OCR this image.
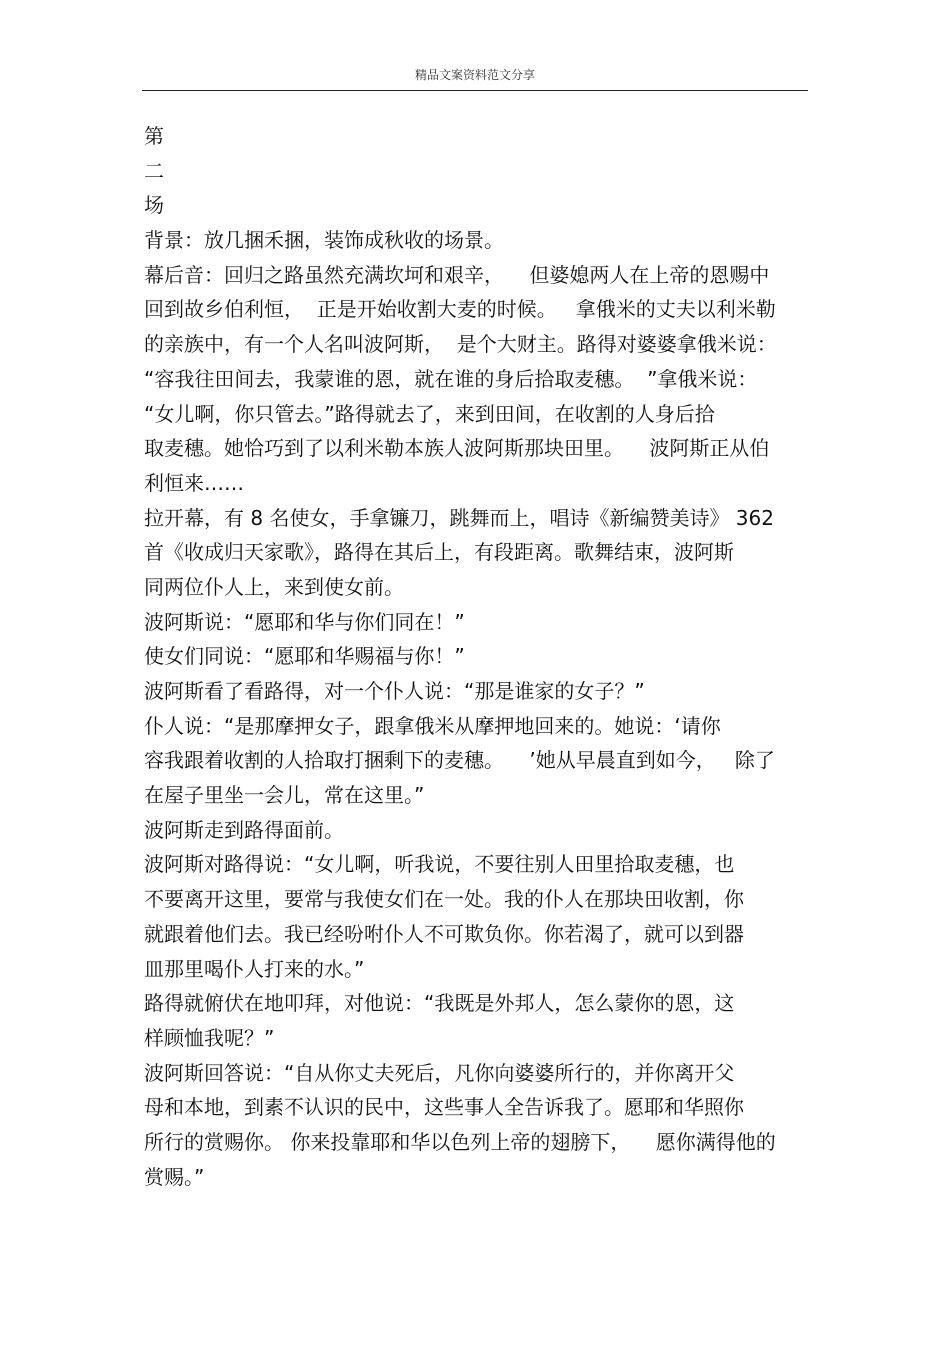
精品文案资料范文分享
第
二
场
背景：放几捆禾捆，装饰成秋收的场景。
幕后音：回归之路虽然充满坎坷和艰辛，    但婆媳两人在上帝的恩赐中
回到故乡伯利恒，  正是开始收割大麦的时候。   拿俄米的丈夫以利米勒
的亲族中，有一个人名叫波阿斯，  是个大财主。路得对婆婆拿俄米说：
“容我往田间去，我蒙谁的恩，就在谁的身后拾取麦穗。  ”拿俄米说：
“女儿啊，你只管去。”路得就去了，来到田间，在收割的人身后拾
取麦穗。她恰巧到了以利米勒本族人波阿斯那块田里。    波阿斯正从伯
利恒来……
拉开幕，有 8 名使女，手拿镰刀，跳舞而上，唱诗《新编赞美诗》 362
首《收成归天家歌》，路得在其后上，有段距离。歌舞结束，波阿斯
同两位仆人上，来到使女前。
波阿斯说：“愿耶和华与你们同在！”
使女们同说：“愿耶和华赐福与你！”
波阿斯看了看路得，对一个仆人说：“那是谁家的女子？”
仆人说：“是那摩押女子，跟拿俄米从摩押地回来的。她说：‘请你
容我跟着收割的人拾取打捆剩下的麦穗。    ’她从早晨直到如今，   除了
在屋子里坐一会儿，常在这里。”
波阿斯走到路得面前。
波阿斯对路得说：“女儿啊，听我说，不要往别人田里拾取麦穗，也
不要离开这里，要常与我使女们在一处。我的仆人在那块田收割，你
就跟着他们去。我已经吩咐仆人不可欺负你。你若渴了，就可以到器
皿那里喝仆人打来的水。”
路得就俯伏在地叩拜，对他说：“我既是外邦人，怎么蒙你的恩，这
样顾恤我呢？”
波阿斯回答说：“自从你丈夫死后，凡你向婆婆所行的，并你离开父
母和本地，到素不认识的民中，这些事人全告诉我了。愿耶和华照你
所行的赏赐你。 你来投靠耶和华以色列上帝的翅膀下，    愿你满得他的
赏赐。”
